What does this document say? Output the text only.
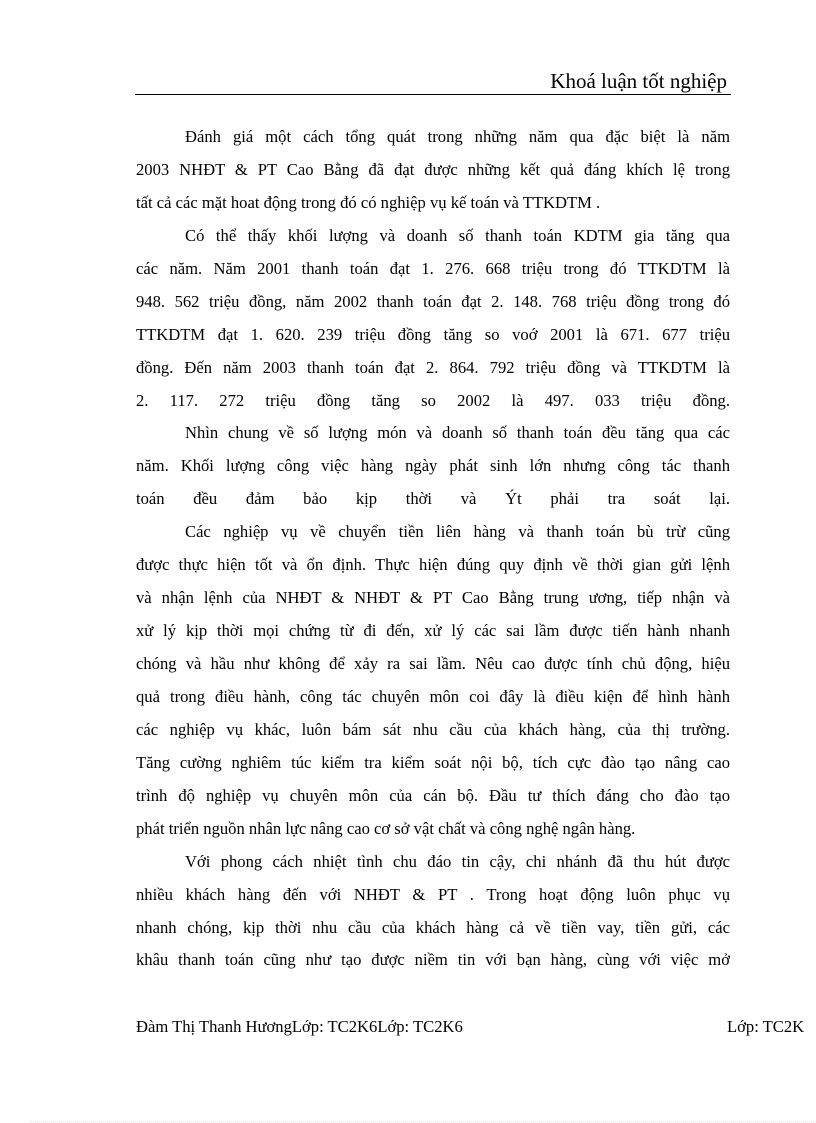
Khoá luận tốt nghiệp
Đánh giá một cách tổng quát trong những năm qua đặc biệt là năm
2003 NHĐT & PT Cao Bằng đã đạt được những kết quả đáng khích lệ trong
tất cả các mặt hoat động trong đó có nghiệp vụ kế toán và TTKDTM .
Có thể thấy khối lượng và doanh số thanh toán KDTM gia tăng qua
các năm. Năm 2001 thanh toán đạt 1. 276. 668 triệu trong đó TTKDTM là
948. 562 triệu đồng, năm 2002 thanh toán đạt 2. 148. 768 triệu đồng trong đó
TTKDTM đạt 1. 620. 239 triệu đồng tăng so voớ 2001 là 671. 677 triệu
đồng. Đến năm 2003 thanh toán đạt 2. 864. 792 triệu đồng và TTKDTM là
2. 117. 272 triệu đồng tăng so 2002 là 497. 033 triệu đồng.
Nhìn chung về số lượng món và doanh số thanh toán đều tăng qua các
năm. Khối lượng công việc hàng ngày phát sinh lớn nhưng công tác thanh
toán đều đảm bảo kịp thời và Ýt phải tra soát lại.
Các nghiệp vụ về chuyển tiền liên hàng và thanh toán bù trừ cũng
được thực hiện tốt và ổn định. Thực hiện đúng quy định về thời gian gửi lệnh
và nhận lệnh của NHĐT & NHĐT & PT Cao Bằng trung ương, tiếp nhận và
xử lý kịp thời mọi chứng từ đi đến, xử lý các sai lầm được tiến hành nhanh
chóng và hầu như không để xảy ra sai lầm. Nêu cao được tính chủ động, hiệu
quả trong điều hành, công tác chuyên môn coi đây là điều kiện để hình hành
các nghiệp vụ khác, luôn bám sát nhu cầu của khách hàng, của thị trường.
Tăng cường nghiêm túc kiểm tra kiểm soát nội bộ, tích cực đào tạo nâng cao
trình độ nghiệp vụ chuyên môn của cán bộ. Đầu tư thích đáng cho đào tạo
phát triển nguồn nhân lực nâng cao cơ sở vật chất và công nghệ ngân hàng.
Với phong cách nhiệt tình chu đáo tin cậy, chi nhánh đã thu hút được
nhiều khách hàng đến với NHĐT & PT . Trong hoạt động luôn phục vụ
nhanh chóng, kịp thời nhu cầu của khách hàng cả về tiền vay, tiền gửi, các
khâu thanh toán cũng như tạo được niềm tin với bạn hàng, cùng với việc mở
Đàm Thị Thanh HươngLớp: TC2K6Lớp: TC2K6	Lớp: TC2K
